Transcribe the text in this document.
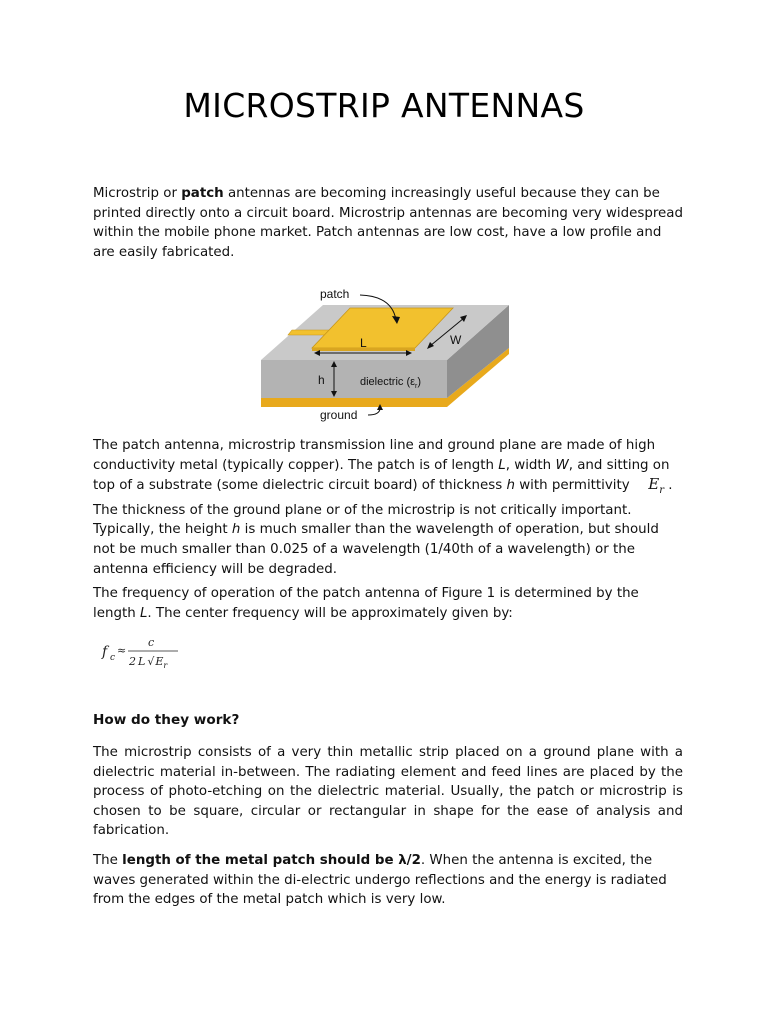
MICROSTRIP ANTENNAS

Microstrip or patch antennas are becoming increasingly useful because they can be printed directly onto a circuit board. Microstrip antennas are becoming very widespread within the mobile phone market. Patch antennas are low cost, have a low profile and are easily fabricated.

L	W
h	dielectric $(\varepsilon_r)$
patch
ground

The patch antenna, microstrip transmission line and ground plane are made of high conductivity metal (typically copper). The patch is of length L, width W, and sitting on top of a substrate (some dielectric circuit board) of thickness h with permittivity    $E_r$ . The thickness of the ground plane or of the microstrip is not critically important. Typically, the height h is much smaller than the wavelength of operation, but should not be much smaller than 0.025 of a wavelength (1/40th of a wavelength) or the antenna efficiency will be degraded.

The frequency of operation of the patch antenna of Figure 1 is determined by the length L. The center frequency will be approximately given by:

f c
≈
c
2 L $√E_r$
How do they work?

The microstrip consists of a very thin metallic strip placed on a ground plane with a dielectric material in-between. The radiating element and feed lines are placed by the process of photo-etching on the dielectric material. Usually, the patch or microstrip is chosen to be square, circular or rectangular in shape for the ease of analysis and fabrication.

The length of the metal patch should be λ/2. When the antenna is excited, the waves generated within the di-electric undergo reflections and the energy is radiated from the edges of the metal patch which is very low.
